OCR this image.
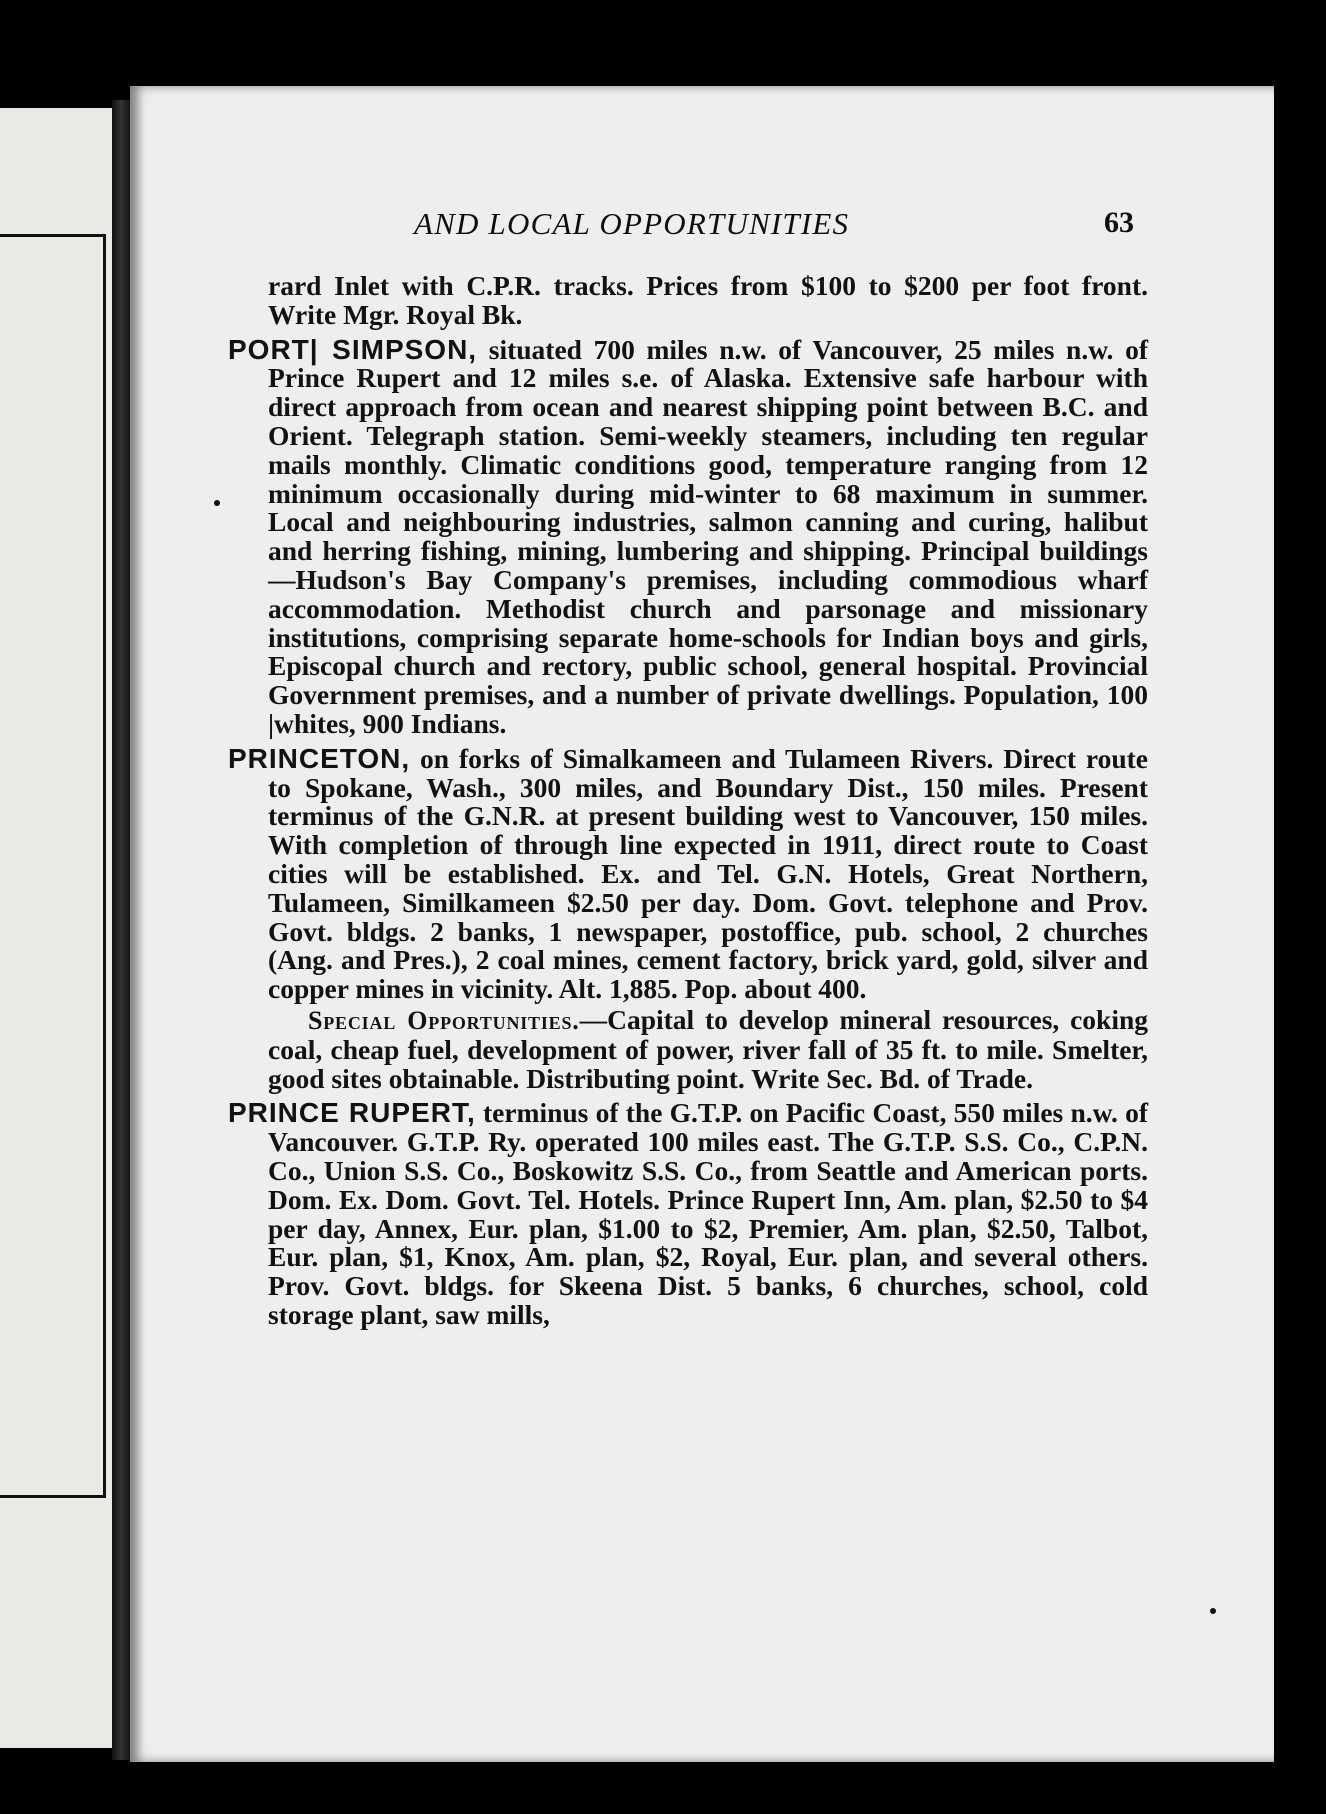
AND LOCAL OPPORTUNITIES	63

rard Inlet with C.P.R. tracks. Prices from $100 to $200 per foot front. Write Mgr. Royal Bk.

PORT| SIMPSON, situated 700 miles n.w. of Vancouver, 25 miles n.w. of Prince Rupert and 12 miles s.e. of Alaska. Extensive safe harbour with direct approach from ocean and nearest shipping point between B.C. and Orient. Telegraph station. Semi-weekly steamers, including ten regular mails monthly. Climatic conditions good, temperature ranging from 12 minimum occasionally during mid-winter to 68 maximum in summer. Local and neighbouring industries, salmon canning and curing, halibut and herring fishing, mining, lumbering and shipping. Principal buildings—Hudson's Bay Company's premises, including commodious wharf accommodation. Methodist church and parsonage and missionary institutions, comprising separate home-schools for Indian boys and girls, Episcopal church and rectory, public school, general hospital. Provincial Government premises, and a number of private dwellings. Population, 100 |whites, 900 Indians.

PRINCETON, on forks of Simalkameen and Tulameen Rivers. Direct route to Spokane, Wash., 300 miles, and Boundary Dist., 150 miles. Present terminus of the G.N.R. at present building west to Vancouver, 150 miles. With completion of through line expected in 1911, direct route to Coast cities will be established. Ex. and Tel. G.N. Hotels, Great Northern, Tulameen, Similkameen $2.50 per day. Dom. Govt. telephone and Prov. Govt. bldgs. 2 banks, 1 newspaper, postoffice, pub. school, 2 churches (Ang. and Pres.), 2 coal mines, cement factory, brick yard, gold, silver and copper mines in vicinity. Alt. 1,885. Pop. about 400.

Special Opportunities.—Capital to develop mineral resources, coking coal, cheap fuel, development of power, river fall of 35 ft. to mile. Smelter, good sites obtainable. Distributing point. Write Sec. Bd. of Trade.

PRINCE RUPERT, terminus of the G.T.P. on Pacific Coast, 550 miles n.w. of Vancouver. G.T.P. Ry. operated 100 miles east. The G.T.P. S.S. Co., C.P.N. Co., Union S.S. Co., Boskowitz S.S. Co., from Seattle and American ports. Dom. Ex. Dom. Govt. Tel. Hotels. Prince Rupert Inn, Am. plan, $2.50 to $4 per day, Annex, Eur. plan, $1.00 to $2, Premier, Am. plan, $2.50, Talbot, Eur. plan, $1, Knox, Am. plan, $2, Royal, Eur. plan, and several others. Prov. Govt. bldgs. for Skeena Dist. 5 banks, 6 churches, school, cold storage plant, saw mills,
